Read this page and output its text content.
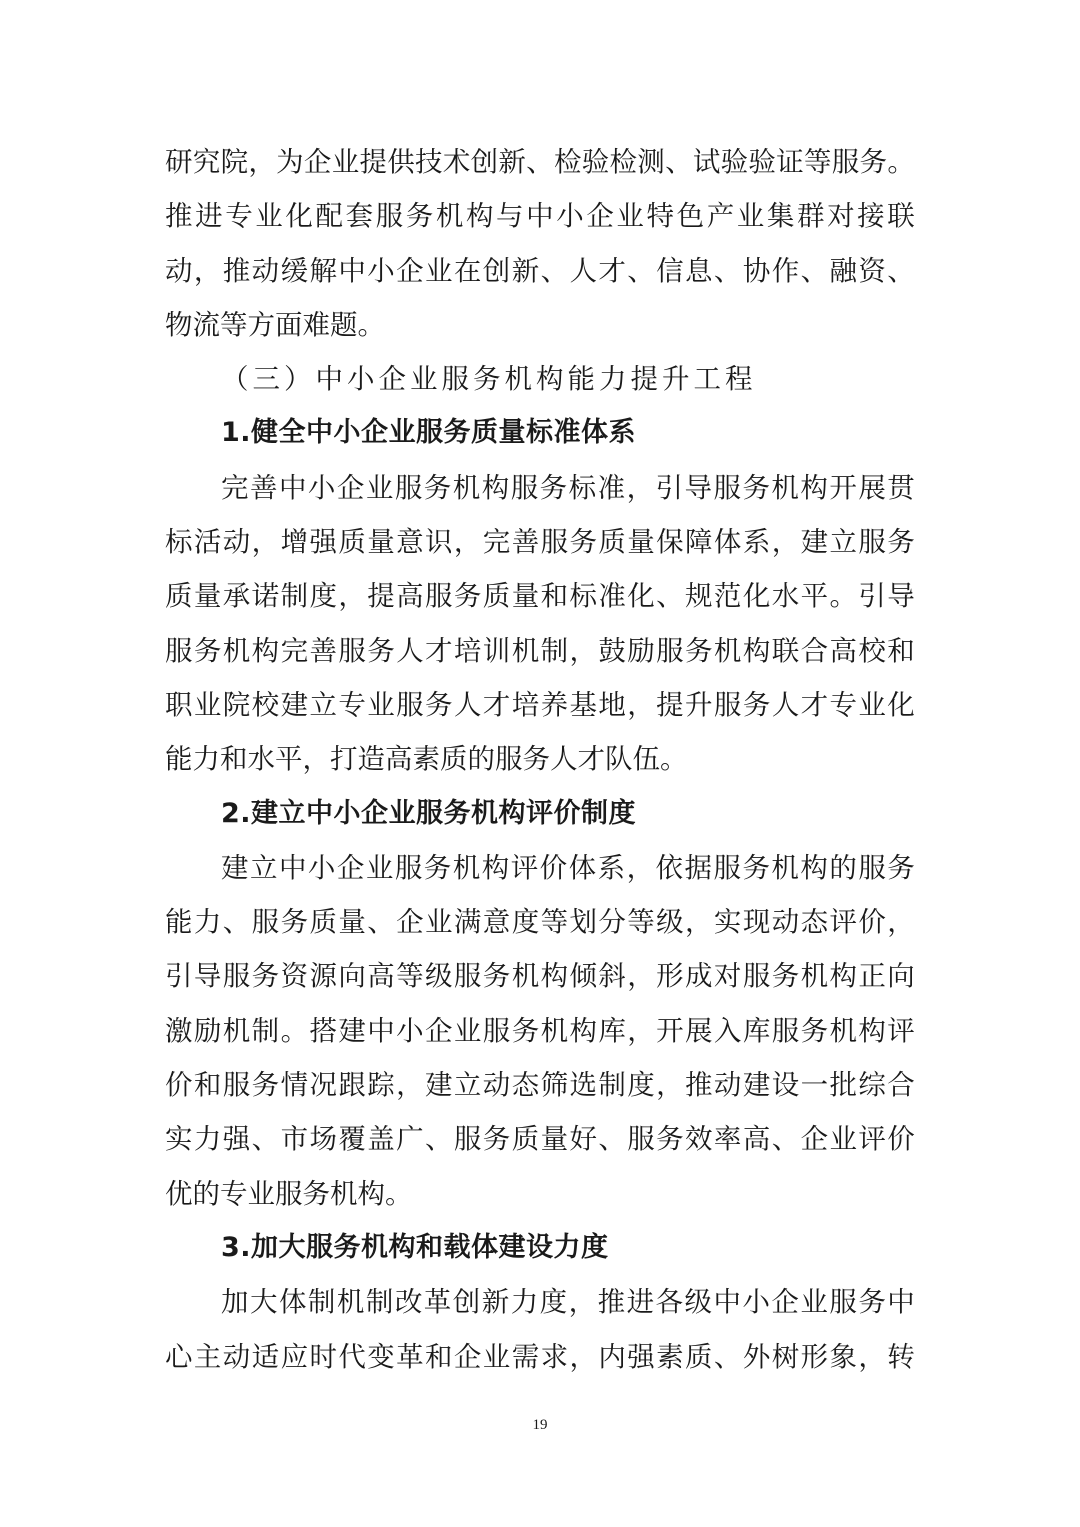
研 究 院 ， 为 企 业 提 供 技 术 创 新 、 检 验 检 测 、 试 验 验 证 等 服 务 。
推 进 专 业 化 配 套 服 务 机 构 与 中 小 企 业 特 色 产 业 集 群 对 接 联
动 ， 推 动 缓 解 中 小 企 业 在 创 新 、 人 才 、 信 息 、 协 作 、 融 资 、
物流等方面难题。
（三）中小企业服务机构能力提升工程
1.健全中小企业服务质量标准体系
完 善 中 小 企 业 服 务 机 构 服 务 标 准 ， 引 导 服 务 机 构 开 展 贯
标 活 动 ， 增 强 质 量 意 识 ， 完 善 服 务 质 量 保 障 体 系 ， 建 立 服 务
质 量 承 诺 制 度 ， 提 高 服 务 质 量 和 标 准 化 、 规 范 化 水 平 。 引 导
服 务 机 构 完 善 服 务 人 才 培 训 机 制 ， 鼓 励 服 务 机 构 联 合 高 校 和
职 业 院 校 建 立 专 业 服 务 人 才 培 养 基 地 ， 提 升 服 务 人 才 专 业 化
能力和水平，打造高素质的服务人才队伍。
2.建立中小企业服务机构评价制度
建 立 中 小 企 业 服 务 机 构 评 价 体 系 ， 依 据 服 务 机 构 的 服 务
能 力 、 服 务 质 量 、 企 业 满 意 度 等 划 分 等 级 ， 实 现 动 态 评 价 ，
引 导 服 务 资 源 向 高 等 级 服 务 机 构 倾 斜 ， 形 成 对 服 务 机 构 正 向
激 励 机 制 。 搭 建 中 小 企 业 服 务 机 构 库 ， 开 展 入 库 服 务 机 构 评
价 和 服 务 情 况 跟 踪 ， 建 立 动 态 筛 选 制 度 ， 推 动 建 设 一 批 综 合
实 力 强 、 市 场 覆 盖 广 、 服 务 质 量 好 、 服 务 效 率 高 、 企 业 评 价
优的专业服务机构。
3.加大服务机构和载体建设力度
加 大 体 制 机 制 改 革 创 新 力 度 ， 推 进 各 级 中 小 企 业 服 务 中
心 主 动 适 应 时 代 变 革 和 企 业 需 求 ， 内 强 素 质 、 外 树 形 象 ， 转
19
